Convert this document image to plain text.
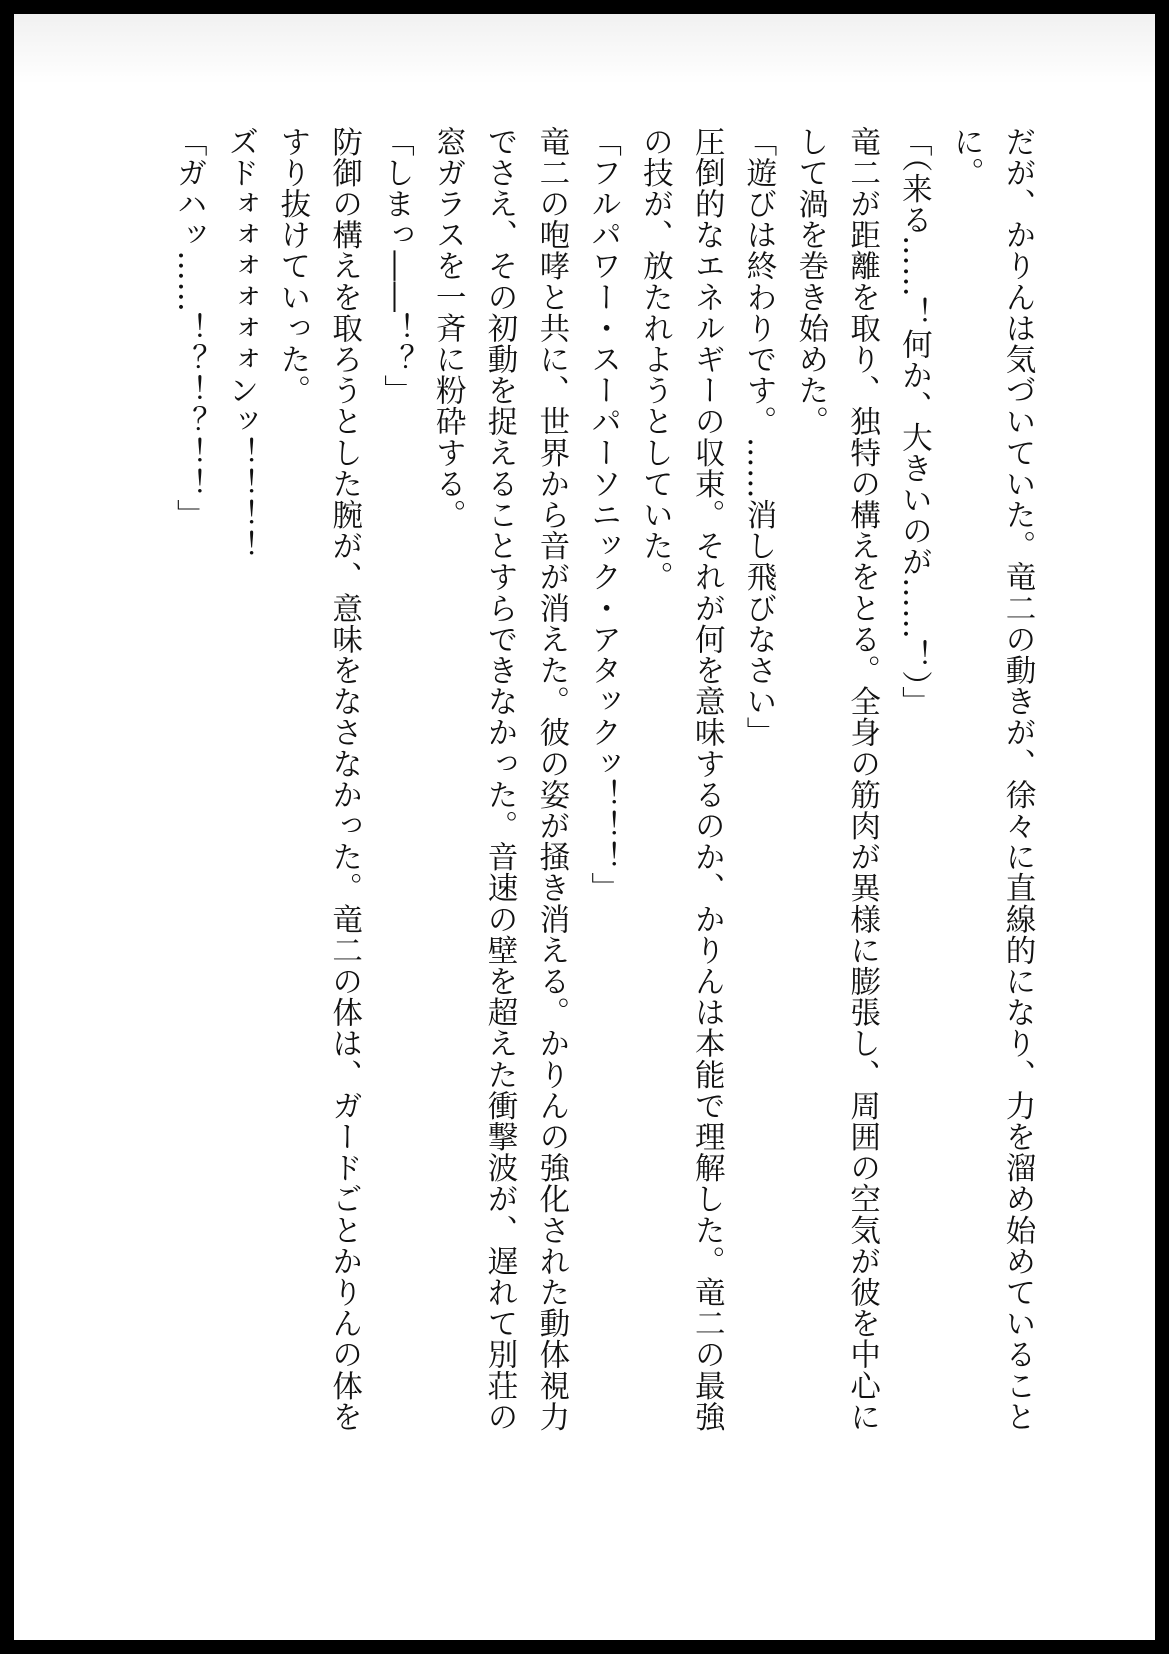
だが、かりんは気づいていた。竜二の動きが、徐々に直線的になり、力を溜め始めていること

に。

「（来る……！何か、大きいのが……！）」

竜二が距離を取り、独特の構えをとる。全身の筋肉が異様に膨張し、周囲の空気が彼を中心に

して渦を巻き始めた。

「遊びは終わりです。……消し飛びなさい」

圧倒的なエネルギーの収束。それが何を意味するのか、かりんは本能で理解した。竜二の最強

の技が、放たれようとしていた。

「フルパワー・スーパーソニック・アタックッ！！！」

竜二の咆哮と共に、世界から音が消えた。彼の姿が掻き消える。かりんの強化された動体視力

でさえ、その初動を捉えることすらできなかった。音速の壁を超えた衝撃波が、遅れて別荘の

窓ガラスを一斉に粉砕する。

「しまっ――！？」

防御の構えを取ろうとした腕が、意味をなさなかった。竜二の体は、ガードごとかりんの体を

すり抜けていった。

ズドォォォォォォンッ！！！！

「ガハッ……！？！？！！」
